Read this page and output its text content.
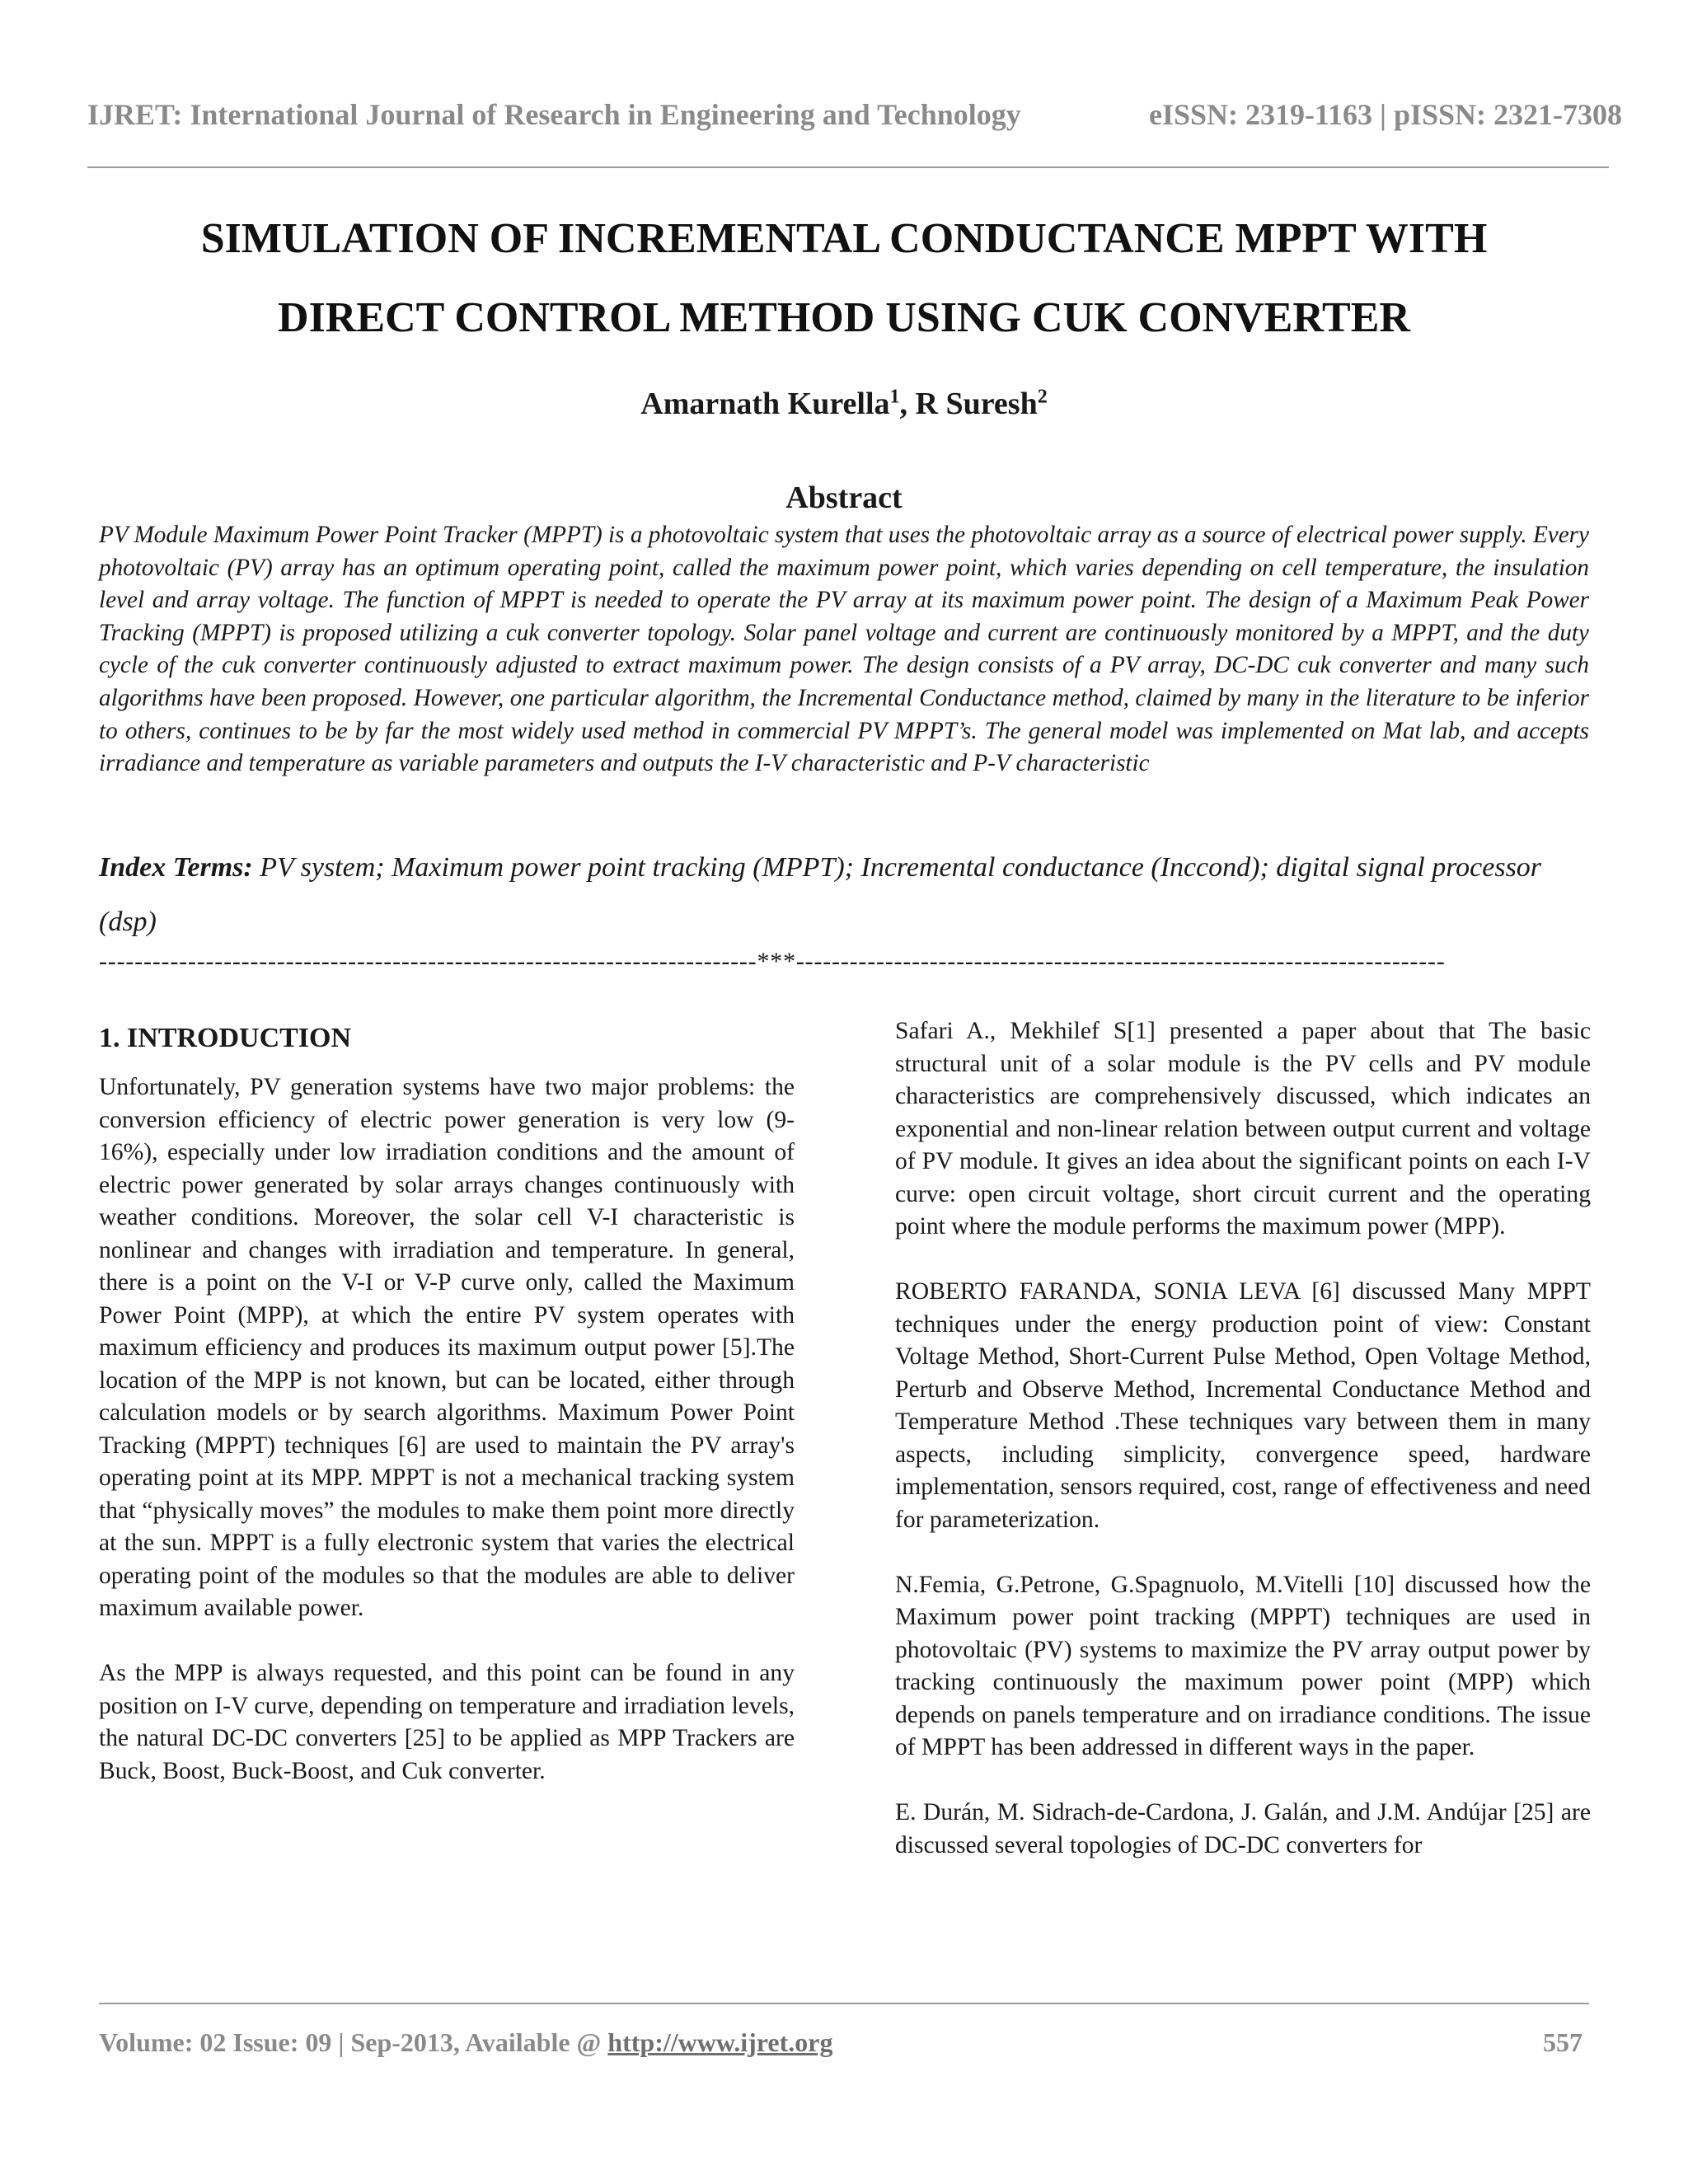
IJRET: International Journal of Research in Engineering and Technology	eISSN: 2319-1163 | pISSN: 2321-7308
SIMULATION OF INCREMENTAL CONDUCTANCE MPPT WITH
DIRECT CONTROL METHOD USING CUK CONVERTER
Amarnath Kurella$^1$, R Suresh$^2$
Abstract
PV Module Maximum Power Point Tracker (MPPT) is a photovoltaic system that uses the photovoltaic array as a source of electrical power supply. Every photovoltaic (PV) array has an optimum operating point, called the maximum power point, which varies depending on cell temperature, the insulation level and array voltage. The function of MPPT is needed to operate the PV array at its maximum power point. The design of a Maximum Peak Power Tracking (MPPT) is proposed utilizing a cuk converter topology. Solar panel voltage and current are continuously monitored by a MPPT, and the duty cycle of the cuk converter continuously adjusted to extract maximum power. The design consists of a PV array, DC-DC cuk converter and many such algorithms have been proposed. However, one particular algorithm, the Incremental Conductance method, claimed by many in the literature to be inferior to others, continues to be by far the most widely used method in commercial PV MPPT’s. The general model was implemented on Mat lab, and accepts irradiance and temperature as variable parameters and outputs the I-V characteristic and P-V characteristic
Index Terms: PV system; Maximum power point tracking (MPPT); Incremental conductance (Inccond); digital signal processor (dsp)
--------------------------------------------------------------------------***-------------------------------------------------------------------------
1. INTRODUCTION

Unfortunately, PV generation systems have two major problems: the conversion efficiency of electric power generation is very low (9-16%), especially under low irradiation conditions and the amount of electric power generated by solar arrays changes continuously with weather conditions. Moreover, the solar cell V-I characteristic is nonlinear and changes with irradiation and temperature. In general, there is a point on the V-I or V-P curve only, called the Maximum Power Point (MPP), at which the entire PV system operates with maximum efficiency and produces its maximum output power [5].The location of the MPP is not known, but can be located, either through calculation models or by search algorithms. Maximum Power Point Tracking (MPPT) techniques [6] are used to maintain the PV array's operating point at its MPP. MPPT is not a mechanical tracking system that “physically moves” the modules to make them point more directly at the sun. MPPT is a fully electronic system that varies the electrical operating point of the modules so that the modules are able to deliver maximum available power.

As the MPP is always requested, and this point can be found in any position on I-V curve, depending on temperature and irradiation levels, the natural DC-DC converters [25] to be applied as MPP Trackers are Buck, Boost, Buck-Boost, and Cuk converter.

Safari A., Mekhilef S[1] presented a paper about that The basic structural unit of a solar module is the PV cells and PV module characteristics are comprehensively discussed, which indicates an exponential and non-linear relation between output current and voltage of PV module. It gives an idea about the significant points on each I-V curve: open circuit voltage, short circuit current and the operating point where the module performs the maximum power (MPP).

ROBERTO FARANDA, SONIA LEVA [6] discussed Many MPPT techniques under the energy production point of view: Constant Voltage Method, Short-Current Pulse Method, Open Voltage Method, Perturb and Observe Method, Incremental Conductance Method and Temperature Method .These techniques vary between them in many aspects, including simplicity, convergence speed, hardware implementation, sensors required, cost, range of effectiveness and need for parameterization.

N.Femia, G.Petrone, G.Spagnuolo, M.Vitelli [10] discussed how the Maximum power point tracking (MPPT) techniques are used in photovoltaic (PV) systems to maximize the PV array output power by tracking continuously the maximum power point (MPP) which depends on panels temperature and on irradiance conditions. The issue of MPPT has been addressed in different ways in the paper.

E. Durán, M. Sidrach-de-Cardona, J. Galán, and J.M. Andújar [25] are discussed several topologies of DC-DC converters for

Volume: 02 Issue: 09 | Sep-2013, Available @ http://www.ijret.org	557
